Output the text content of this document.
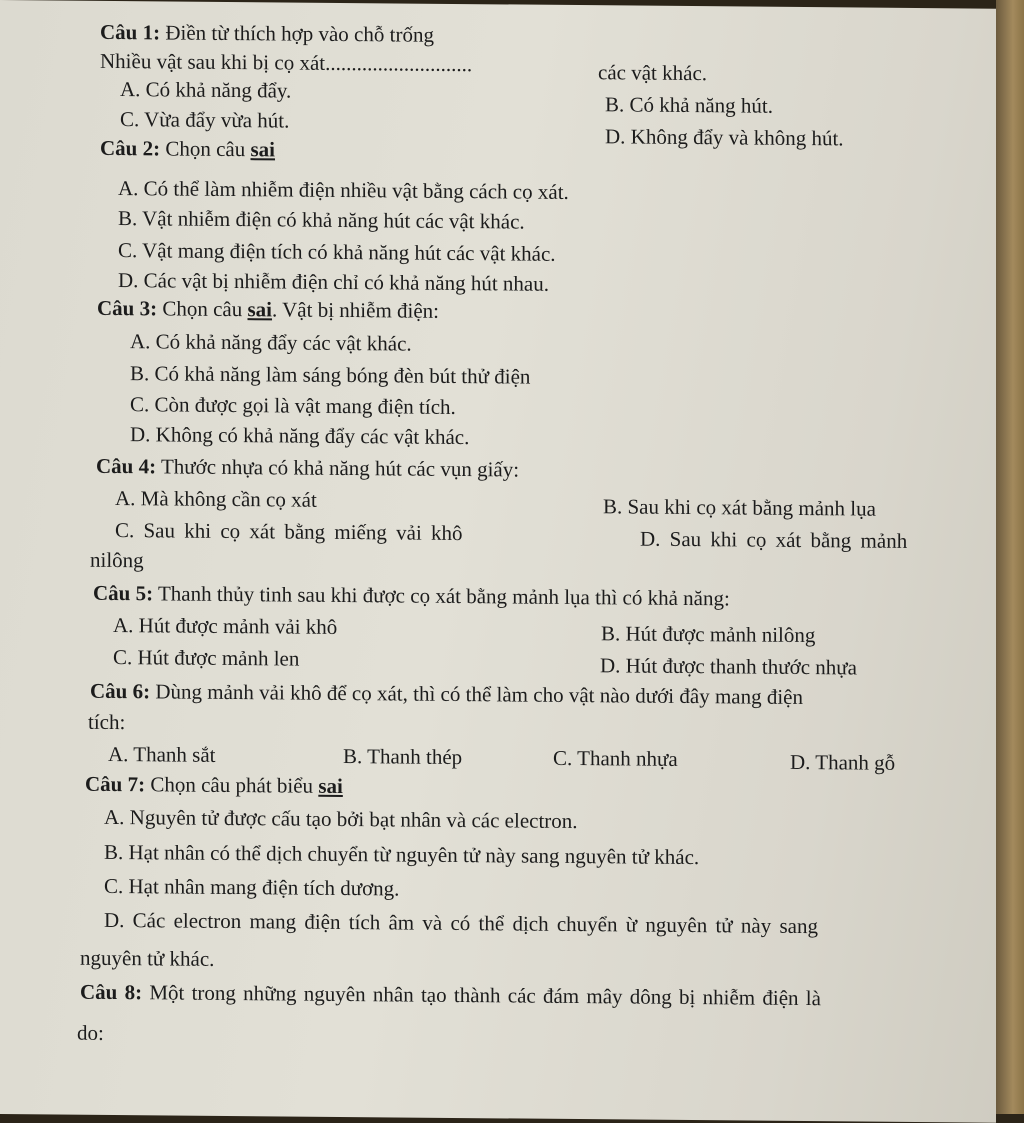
Câu 1: Điền từ thích hợp vào chỗ trống
Nhiều vật sau khi bị cọ xát............................	các vật khác.
A. Có khả năng đẩy.
B. Có khả năng hút.
C. Vừa đẩy vừa hút.
D. Không đẩy và không hút.
Câu 2: Chọn câu sai
A. Có thể làm nhiễm điện nhiều vật bằng cách cọ xát.
B. Vật nhiễm điện có khả năng hút các vật khác.
C. Vật mang điện tích có khả năng hút các vật khác.
D. Các vật bị nhiễm điện chỉ có khả năng hút nhau.
Câu 3: Chọn câu sai. Vật bị nhiễm điện:
A. Có khả năng đẩy các vật khác.
B. Có khả năng làm sáng bóng đèn bút thử điện
C. Còn được gọi là vật mang điện tích.
D. Không có khả năng đẩy các vật khác.
Câu 4: Thước nhựa có khả năng hút các vụn giấy:
A. Mà không cần cọ xát	B. Sau khi cọ xát bằng mảnh lụa
C. Sau khi cọ xát bằng miếng vải khô	D. Sau khi cọ xát bằng mảnh
nilông
Câu 5: Thanh thủy tinh sau khi được cọ xát bằng mảnh lụa thì có khả năng:
A. Hút được mảnh vải khô	B. Hút được mảnh nilông
C. Hút được mảnh len	D. Hút được thanh thước nhựa
Câu 6: Dùng mảnh vải khô để cọ xát, thì có thể làm cho vật nào dưới đây mang điện
tích:
A. Thanh sắt	B. Thanh thép	C. Thanh nhựa	D. Thanh gỗ
Câu 7: Chọn câu phát biểu sai
A. Nguyên tử được cấu tạo bởi bạt nhân và các electron.
B. Hạt nhân có thể dịch chuyển từ nguyên tử này sang nguyên tử khác.
C. Hạt nhân mang điện tích dương.
D. Các electron mang điện tích âm và có thể dịch chuyển ừ nguyên tử này sang
nguyên tử khác.
Câu 8: Một trong những nguyên nhân tạo thành các đám mây dông bị nhiễm điện là
do:
